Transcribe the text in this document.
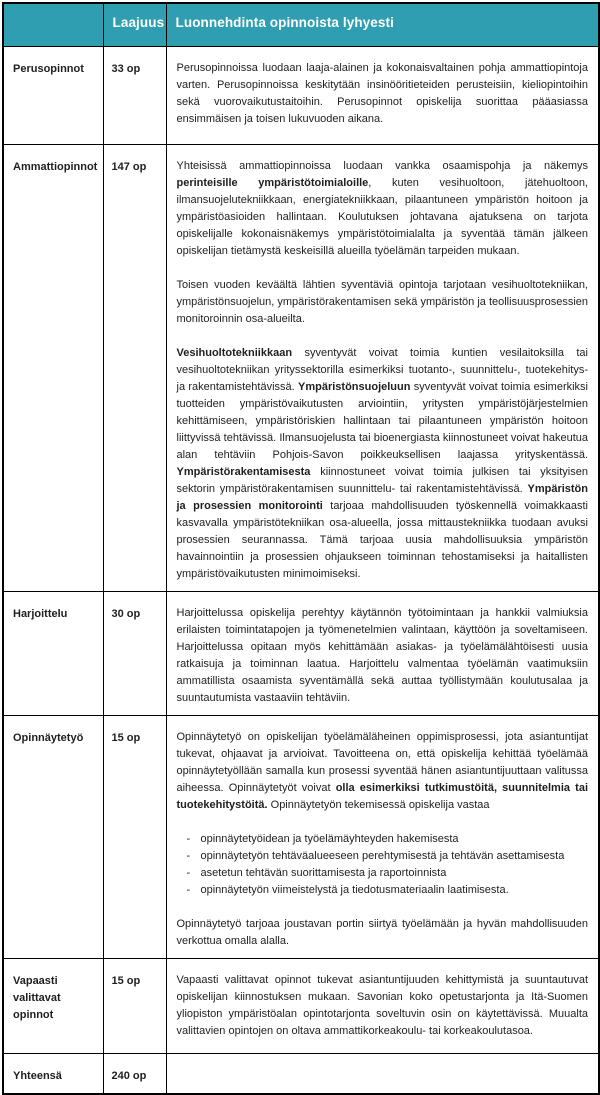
	Laajuus	Luonnehdinta opinnoista lyhyesti
Perusopinnot	33 op	Perusopinnoissa luodaan laaja-alainen ja kokonaisvaltainen pohja ammattiopintoja varten. Perusopinnoissa keskitytään insinööritieteiden perusteisiin, kieliopintoihin sekä vuorovaikutustaitoihin. Perusopinnot opiskelija suorittaa pääasiassa ensimmäisen ja toisen lukuvuoden aikana.

Ammattiopinnot	147 op	Yhteisissä ammattiopinnoissa luodaan vankka osaamispohja ja näkemys perinteisille ympäristötoimialoille, kuten vesihuoltoon, jätehuoltoon, ilmansuojelutekniikkaan, energiatekniikkaan, pilaantuneen ympäristön hoitoon ja ympäristöasioiden hallintaan. Koulutuksen johtavana ajatuksena on tarjota opiskelijalle kokonaisnäkemys ympäristötoimialalta ja syventää tämän jälkeen opiskelijan tietämystä keskeisillä alueilla työelämän tarpeiden mukaan.

Toisen vuoden keväältä lähtien syventäviä opintoja tarjotaan vesihuoltotekniikan, ympäristönsuojelun, ympäristörakentamisen sekä ympäristön ja teollisuusprosessien monitoroinnin osa-alueilta.

Vesihuoltotekniikkaan syventyvät voivat toimia kuntien vesilaitoksilla tai vesihuoltotekniikan yrityssektorilla esimerkiksi tuotanto-, suunnittelu-, tuotekehitys- ja rakentamistehtävissä. Ympäristönsuojeluun syventyvät voivat toimia esimerkiksi tuotteiden ympäristövaikutusten arviointiin, yritysten ympäristöjärjestelmien kehittämiseen, ympäristöriskien hallintaan tai pilaantuneen ympäristön hoitoon liittyvissä tehtävissä. Ilmansuojelusta tai bioenergiasta kiinnostuneet voivat hakeutua alan tehtäviin Pohjois-Savon poikkeuksellisen laajassa yrityskentässä. Ympäristörakentamisesta kiinnostuneet voivat toimia julkisen tai yksityisen sektorin ympäristörakentamisen suunnittelu- tai rakentamistehtävissä. Ympäristön ja prosessien monitorointi tarjoaa mahdollisuuden työskennellä voimakkaasti kasvavalla ympäristötekniikan osa-alueella, jossa mittaustekniikka tuodaan avuksi prosessien seurannassa. Tämä tarjoaa uusia mahdollisuuksia ympäristön havainnointiin ja prosessien ohjaukseen toiminnan tehostamiseksi ja haitallisten ympäristövaikutusten minimoimiseksi.

Harjoittelu	30 op	Harjoittelussa opiskelija perehtyy käytännön työtoimintaan ja hankkii valmiuksia erilaisten toimintatapojen ja työmenetelmien valintaan, käyttöön ja soveltamiseen. Harjoittelussa opitaan myös kehittämään asiakas- ja työelämälähtöisesti uusia ratkaisuja ja toiminnan laatua. Harjoittelu valmentaa työelämän vaatimuksiin ammatillista osaamista syventämällä sekä auttaa työllistymään koulutusalaa ja suuntautumista vastaaviin tehtäviin.

Opinnäytetyö	15 op	Opinnäytetyö on opiskelijan työelämäläheinen oppimisprosessi, jota asiantuntijat tukevat, ohjaavat ja arvioivat. Tavoitteena on, että opiskelija kehittää työelämää opinnäytetyöllään samalla kun prosessi syventää hänen asiantuntijuuttaan valitussa aiheessa. Opinnäytetyöt voivat olla esimerkiksi tutkimustöitä, suunnitelmia tai tuotekehitystöitä. Opinnäytetyön tekemisessä opiskelija vastaa

- opinnäytetyöidean ja työelämäyhteyden hakemisesta
- opinnäytetyön tehtäväalueeseen perehtymisestä ja tehtävän asettamisesta
- asetetun tehtävän suorittamisesta ja raportoinnista
- opinnäytetyön viimeistelystä ja tiedotusmateriaalin laatimisesta.

Opinnäytetyö tarjoaa joustavan portin siirtyä työelämään ja hyvän mahdollisuuden verkottua omalla alalla.

Vapaasti valittavat opinnot	15 op	Vapaasti valittavat opinnot tukevat asiantuntijuuden kehittymistä ja suuntautuvat opiskelijan kiinnostuksen mukaan. Savonian koko opetustarjonta ja Itä-Suomen yliopiston ympäristöalan opintotarjonta soveltuvin osin on käytettävissä. Muualta valittavien opintojen on oltava ammattikorkeakoulu- tai korkeakoulutasoa.

Yhteensä	240 op	
